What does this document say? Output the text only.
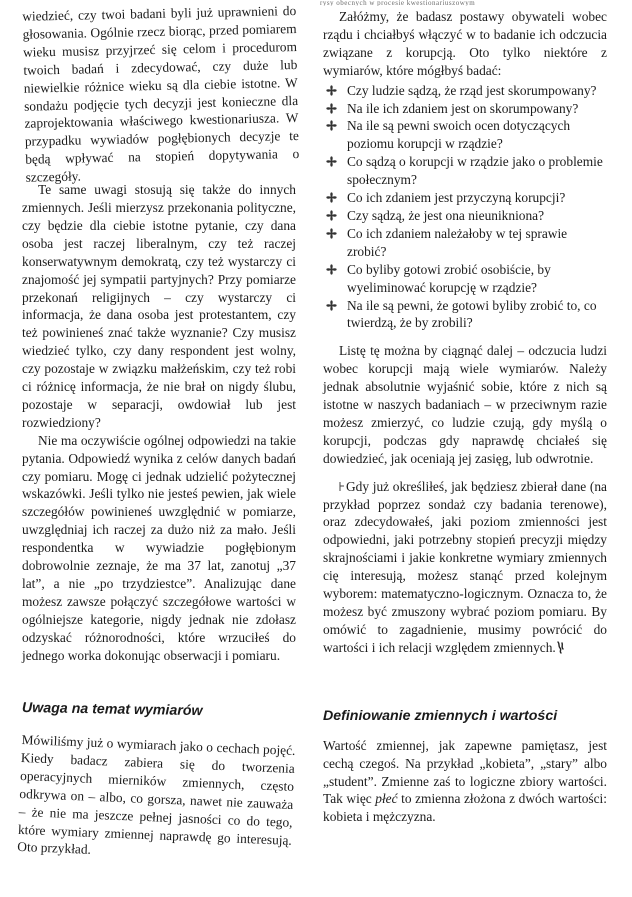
rysy obecnych w procesie kwestionariuszowym

wiedzieć, czy twoi badani byli już uprawnieni do głosowania. Ogólnie rzecz biorąc, przed pomiarem wieku musisz przyjrzeć się celom i procedurom twoich badań i zdecydować, czy duże lub niewielkie różnice wieku są dla ciebie istotne. W sondażu podjęcie tych decyzji jest konieczne dla zaprojektowania właściwego kwestionariusza. W przypadku wywiadów pogłębionych decyzje te będą wpływać na stopień dopytywania o szczegóły.

Te same uwagi stosują się także do innych zmiennych. Jeśli mierzysz przekonania polityczne, czy będzie dla ciebie istotne pytanie, czy dana osoba jest raczej liberalnym, czy też raczej konserwatywnym demokratą, czy też wystarczy ci znajomość jej sympatii partyjnych? Przy pomiarze przekonań religijnych – czy wystarczy ci informacja, że dana osoba jest protestantem, czy też powinieneś znać także wyznanie? Czy musisz wiedzieć tylko, czy dany respondent jest wolny, czy pozostaje w związku małżeńskim, czy też robi ci różnicę informacja, że nie brał on nigdy ślubu, pozostaje w separacji, owdowiał lub jest rozwiedziony?

Nie ma oczywiście ogólnej odpowiedzi na takie pytania. Odpowiedź wynika z celów danych badań czy pomiaru. Mogę ci jednak udzielić pożytecznej wskazówki. Jeśli tylko nie jesteś pewien, jak wiele szczegółów powinieneś uwzględnić w pomiarze, uwzględniaj ich raczej za dużo niż za mało. Jeśli respondentka w wywiadzie pogłębionym dobrowolnie zeznaje, że ma 37 lat, zanotuj „37 lat”, a nie „po trzydziestce”. Analizując dane możesz zawsze połączyć szczegółowe wartości w ogólniejsze kategorie, nigdy jednak nie zdołasz odzyskać różnorodności, które wrzuciłeś do jednego worka dokonując obserwacji i pomiaru.

Uwaga na temat wymiarów

Mówiliśmy już o wymiarach jako o cechach pojęć. Kiedy badacz zabiera się do tworzenia operacyjnych mierników zmiennych, często odkrywa on – albo, co gorsza, nawet nie zauważa – że nie ma jeszcze pełnej jasności co do tego, które wymiary zmiennej naprawdę go interesują. Oto przykład.

Załóżmy, że badasz postawy obywateli wobec rządu i chciałbyś włączyć w to badanie ich odczucia związane z korupcją. Oto tylko niektóre z wymiarów, które mógłbyś badać:

Czy ludzie sądzą, że rząd jest skorumpowany?
Na ile ich zdaniem jest on skorumpowany?
Na ile są pewni swoich ocen dotyczących poziomu korupcji w rządzie?
Co sądzą o korupcji w rządzie jako o problemie społecznym?
Co ich zdaniem jest przyczyną korupcji?
Czy sądzą, że jest ona nieunikniona?
Co ich zdaniem należałoby w tej sprawie zrobić?
Co byliby gotowi zrobić osobiście, by wyeliminować korupcję w rządzie?
Na ile są pewni, że gotowi byliby zrobić to, co twierdzą, że by zrobili?

Listę tę można by ciągnąć dalej – odczucia ludzi wobec korupcji mają wiele wymiarów. Należy jednak absolutnie wyjaśnić sobie, które z nich są istotne w naszych badaniach – w przeciwnym razie możesz zmierzyć, co ludzie czują, gdy myślą o korupcji, podczas gdy naprawdę chciałeś się dowiedzieć, jak oceniają jej zasięg, lub odwrotnie.

Gdy już określiłeś, jak będziesz zbierał dane (na przykład poprzez sondaż czy badania terenowe), oraz zdecydowałeś, jaki poziom zmienności jest odpowiedni, jaki potrzebny stopień precyzji między skrajnościami i jakie konkretne wymiary zmiennych cię interesują, możesz stanąć przed kolejnym wyborem: matematyczno-logicznym. Oznacza to, że możesz być zmuszony wybrać poziom pomiaru. By omówić to zagadnienie, musimy powrócić do wartości i ich relacji względem zmiennych.

Definiowanie zmiennych i wartości

Wartość zmiennej, jak zapewne pamiętasz, jest cechą czegoś. Na przykład „kobieta”, „stary” albo „student”. Zmienne zaś to logiczne zbiory wartości. Tak więc płeć to zmienna złożona z dwóch wartości: kobieta i mężczyzna.
